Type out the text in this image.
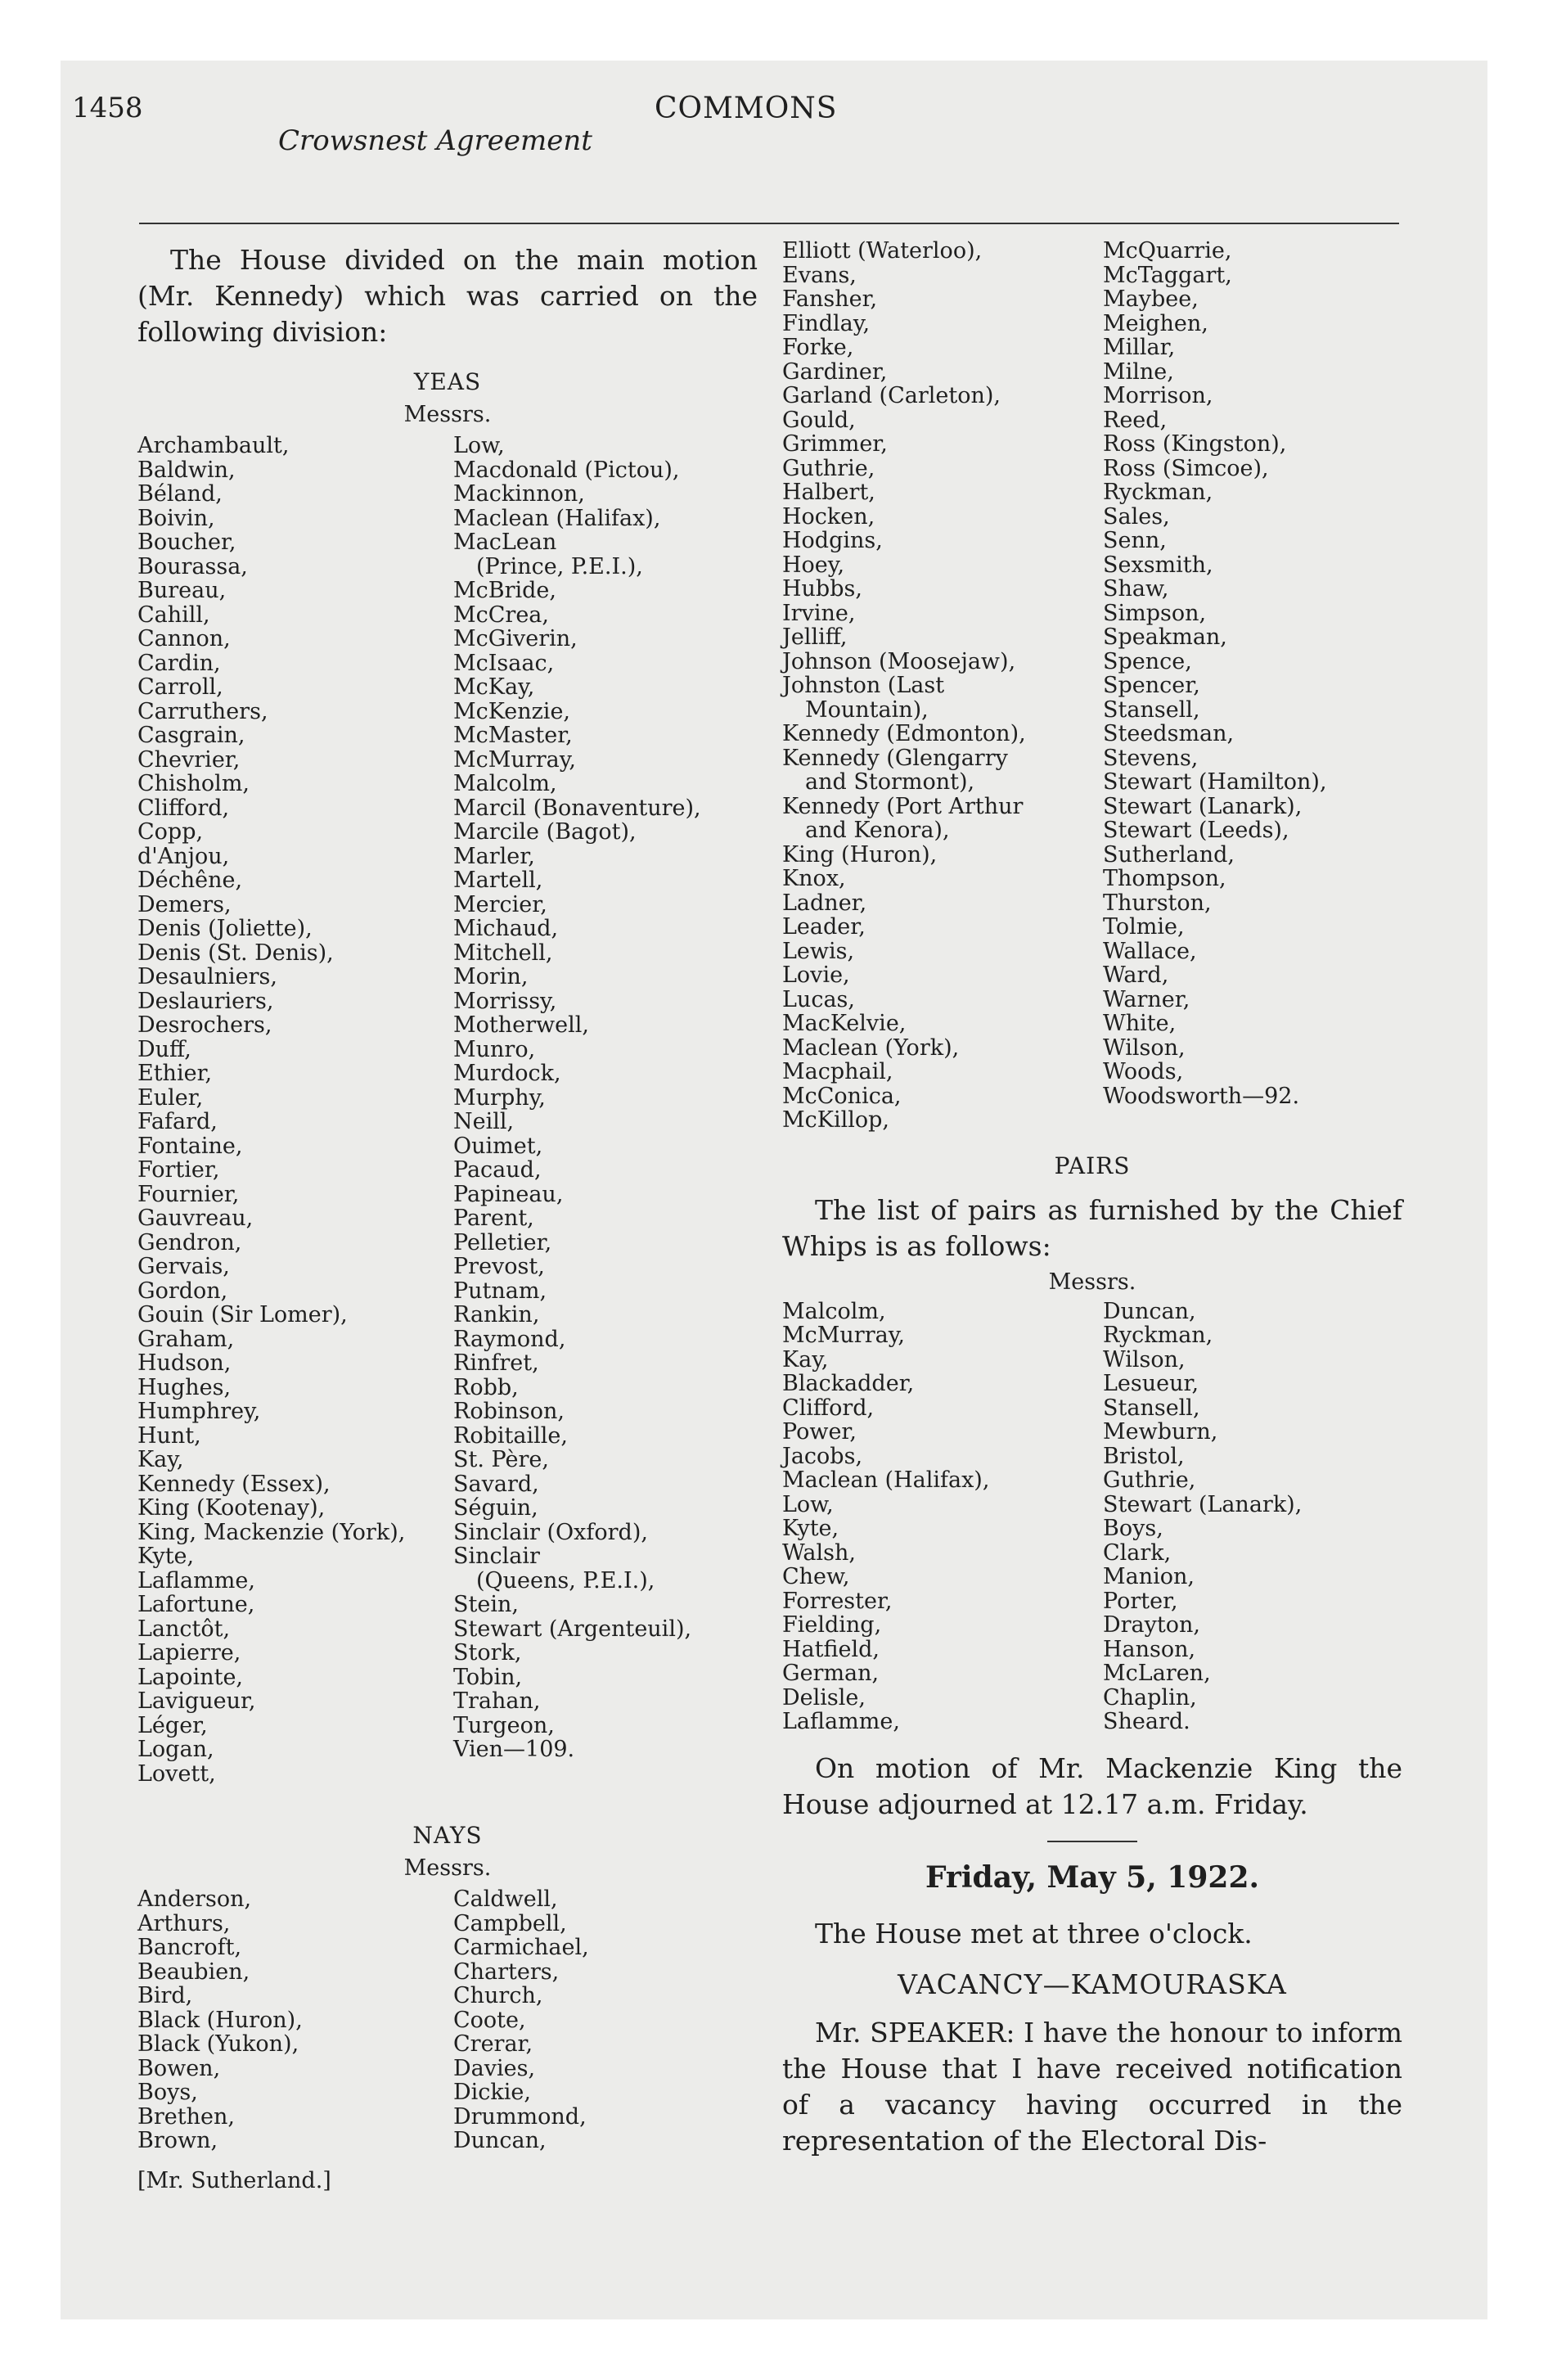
1458	COMMONS
Crowsnest Agreement

The House divided on the main motion (Mr. Kennedy) which was carried on the following division:

YEAS
Messrs.
Archambault,
Baldwin,
Béland,
Boivin,
Boucher,
Bourassa,
Bureau,
Cahill,
Cannon,
Cardin,
Carroll,
Carruthers,
Casgrain,
Chevrier,
Chisholm,
Clifford,
Copp,
d'Anjou,
Déchêne,
Demers,
Denis (Joliette),
Denis (St. Denis),
Desaulniers,
Deslauriers,
Desrochers,
Duff,
Ethier,
Euler,
Fafard,
Fontaine,
Fortier,
Fournier,
Gauvreau,
Gendron,
Gervais,
Gordon,
Gouin (Sir Lomer),
Graham,
Hudson,
Hughes,
Humphrey,
Hunt,
Kay,
Kennedy (Essex),
King (Kootenay),
King, Mackenzie (York),
Kyte,
Laflamme,
Lafortune,
Lanctôt,
Lapierre,
Lapointe,
Lavigueur,
Léger,
Logan,
Lovett,
Low,
Macdonald (Pictou),
Mackinnon,
Maclean (Halifax),
MacLean
(Prince, P.E.I.),
McBride,
McCrea,
McGiverin,
McIsaac,
McKay,
McKenzie,
McMaster,
McMurray,
Malcolm,
Marcil (Bonaventure),
Marcile (Bagot),
Marler,
Martell,
Mercier,
Michaud,
Mitchell,
Morin,
Morrissy,
Motherwell,
Munro,
Murdock,
Murphy,
Neill,
Ouimet,
Pacaud,
Papineau,
Parent,
Pelletier,
Prevost,
Putnam,
Rankin,
Raymond,
Rinfret,
Robb,
Robinson,
Robitaille,
St. Père,
Savard,
Séguin,
Sinclair (Oxford),
Sinclair
(Queens, P.E.I.),
Stein,
Stewart (Argenteuil),
Stork,
Tobin,
Trahan,
Turgeon,
Vien—109.
NAYS
Messrs.
Anderson,
Arthurs,
Bancroft,
Beaubien,
Bird,
Black (Huron),
Black (Yukon),
Bowen,
Boys,
Brethen,
Brown,
Caldwell,
Campbell,
Carmichael,
Charters,
Church,
Coote,
Crerar,
Davies,
Dickie,
Drummond,
Duncan,
[Mr. Sutherland.]
Elliott (Waterloo),
Evans,
Fansher,
Findlay,
Forke,
Gardiner,
Garland (Carleton),
Gould,
Grimmer,
Guthrie,
Halbert,
Hocken,
Hodgins,
Hoey,
Hubbs,
Irvine,
Jelliff,
Johnson (Moosejaw),
Johnston (Last
Mountain),
Kennedy (Edmonton),
Kennedy (Glengarry
and Stormont),
Kennedy (Port Arthur
and Kenora),
King (Huron),
Knox,
Ladner,
Leader,
Lewis,
Lovie,
Lucas,
MacKelvie,
Maclean (York),
Macphail,
McConica,
McKillop,
McQuarrie,
McTaggart,
Maybee,
Meighen,
Millar,
Milne,
Morrison,
Reed,
Ross (Kingston),
Ross (Simcoe),
Ryckman,
Sales,
Senn,
Sexsmith,
Shaw,
Simpson,
Speakman,
Spence,
Spencer,
Stansell,
Steedsman,
Stevens,
Stewart (Hamilton),
Stewart (Lanark),
Stewart (Leeds),
Sutherland,
Thompson,
Thurston,
Tolmie,
Wallace,
Ward,
Warner,
White,
Wilson,
Woods,
Woodsworth—92.
PAIRS

The list of pairs as furnished by the Chief Whips is as follows:

Messrs.
Malcolm,
McMurray,
Kay,
Blackadder,
Clifford,
Power,
Jacobs,
Maclean (Halifax),
Low,
Kyte,
Walsh,
Chew,
Forrester,
Fielding,
Hatfield,
German,
Delisle,
Laflamme,
Duncan,
Ryckman,
Wilson,
Lesueur,
Stansell,
Mewburn,
Bristol,
Guthrie,
Stewart (Lanark),
Boys,
Clark,
Manion,
Porter,
Drayton,
Hanson,
McLaren,
Chaplin,
Sheard.

On motion of Mr. Mackenzie King the House adjourned at 12.17 a.m. Friday.

Friday, May 5, 1922.

The House met at three o'clock.

VACANCY—KAMOURASKA

Mr. SPEAKER: I have the honour to inform the House that I have received notification of a vacancy having occurred in the representation of the Electoral Dis-
